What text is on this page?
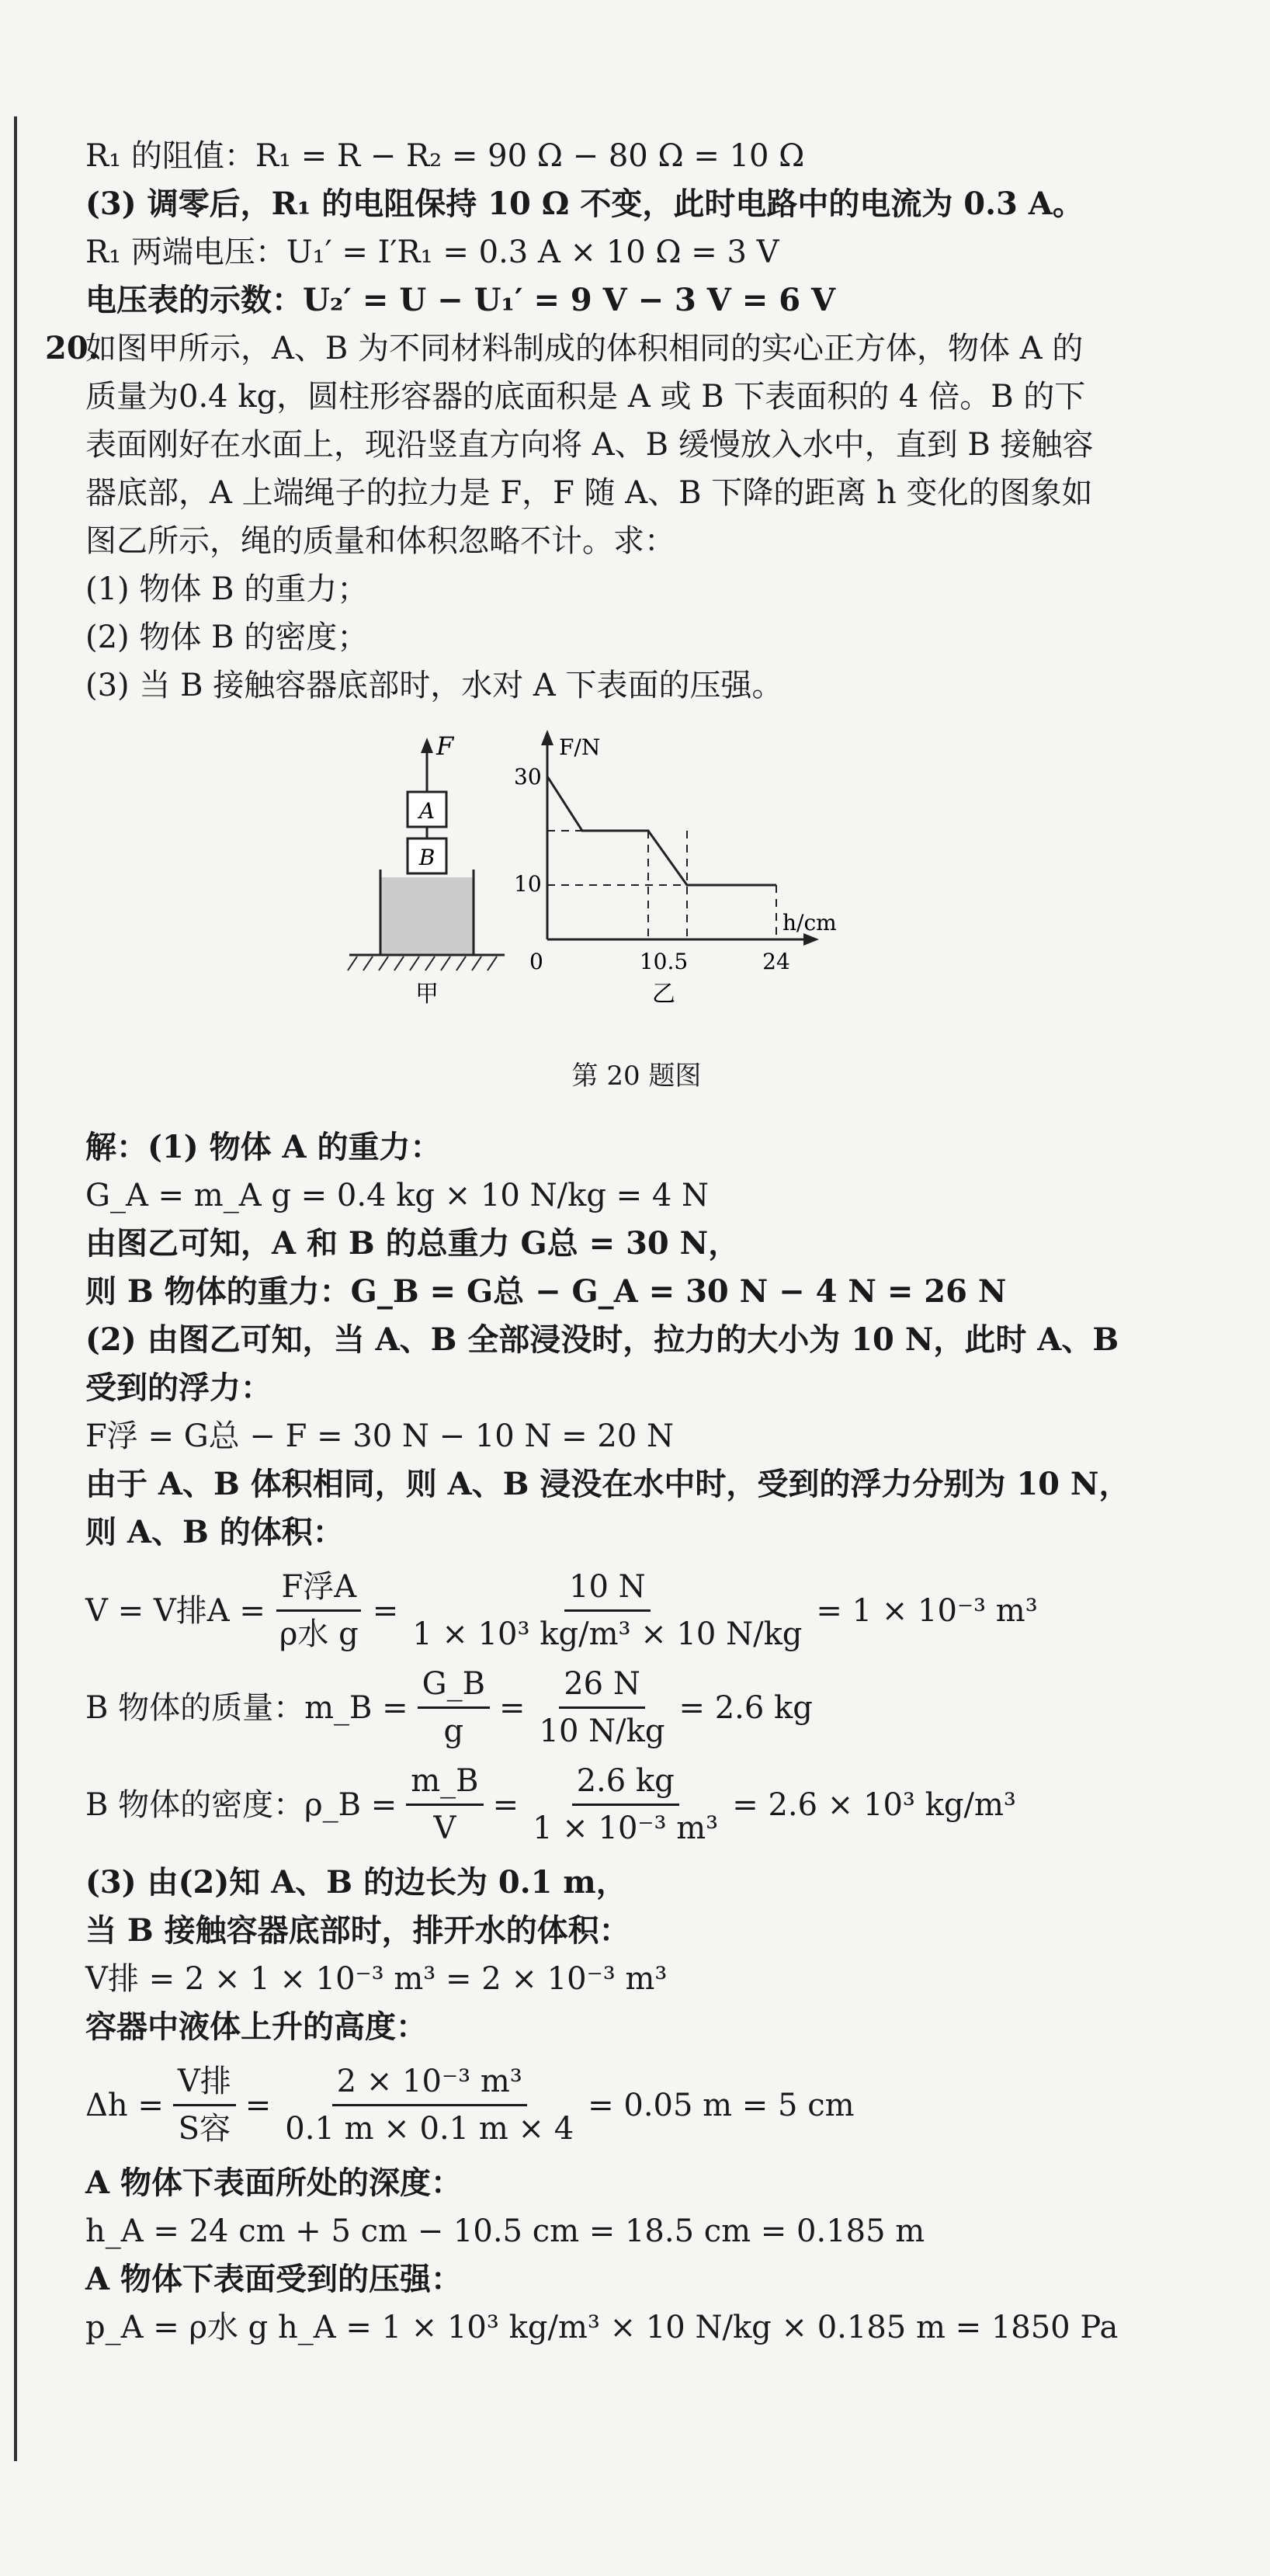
R₁ 的阻值：R₁ = R − R₂ = 90 Ω − 80 Ω = 10 Ω
(3) 调零后，R₁ 的电阻保持 10 Ω 不变，此时电路中的电流为 0.3 A。
R₁ 两端电压：U₁′ = I′R₁ = 0.3 A × 10 Ω = 3 V
电压表的示数：U₂′ = U − U₁′ = 9 V − 3 V = 6 V
20.
如图甲所示，A、B 为不同材料制成的体积相同的实心正方体，物体 A 的
质量为0.4 kg，圆柱形容器的底面积是 A 或 B 下表面积的 4 倍。B 的下
表面刚好在水面上，现沿竖直方向将 A、B 缓慢放入水中，直到 B 接触容
器底部，A 上端绳子的拉力是 F，F 随 A、B 下降的距离 h 变化的图象如
图乙所示，绳的质量和体积忽略不计。求：
(1) 物体 B 的重力；
(2) 物体 B 的密度；
(3) 当 B 接触容器底部时，水对 A 下表面的压强。
F
A
B
甲
F/N
h/cm
30
10
0	10.5	24
乙
第 20 题图
解：(1) 物体 A 的重力：
G_A = m_A g = 0.4 kg × 10 N/kg = 4 N
由图乙可知，A 和 B 的总重力 G总 = 30 N，
则 B 物体的重力：G_B = G总 − G_A = 30 N − 4 N = 26 N
(2) 由图乙可知，当 A、B 全部浸没时，拉力的大小为 10 N，此时 A、B
受到的浮力：
F浮 = G总 − F = 30 N − 10 N = 20 N
由于 A、B 体积相同，则 A、B 浸没在水中时，受到的浮力分别为 10 N，
则 A、B 的体积：
V = V排$A = \frac{\text{F浮A}}{\text{ρ水 g}} = \frac{10 N}{\text{1 × 10³ kg/m³ × 10 N/kg}} = 1 \times 10^{-3}$ m³
B 物体的质量：m_B = $\frac{G\_B}{g} = \frac{26 N}{10 N/kg} = 2.6$ kg
B 物体的密度：ρ_B = $\frac{m\_B}{V} = \frac{2.6 kg}{\text{1 × 10⁻³ m³}} = 2.6 \times 10^3$ kg/m³
(3) 由(2)知 A、B 的边长为 0.1 m，
当 B 接触容器底部时，排开水的体积：
V排 = 2 × 1 × 10⁻³ m³ = 2 × 10⁻³ m³
容器中液体上升的高度：
$\Delta h = \frac{\text{V排}}{\text{S容}} = \frac{\text{2 × 10⁻³ m³}}{0.1 m \times 0.1 m \times 4} = 0.05$ m = 5 cm
A 物体下表面所处的深度：
h_A = 24 cm + 5 cm − 10.5 cm = 18.5 cm = 0.185 m
A 物体下表面受到的压强：
p_A = ρ水 g h_A = 1 × 10³ kg/m³ × 10 N/kg × 0.185 m = 1850 Pa
